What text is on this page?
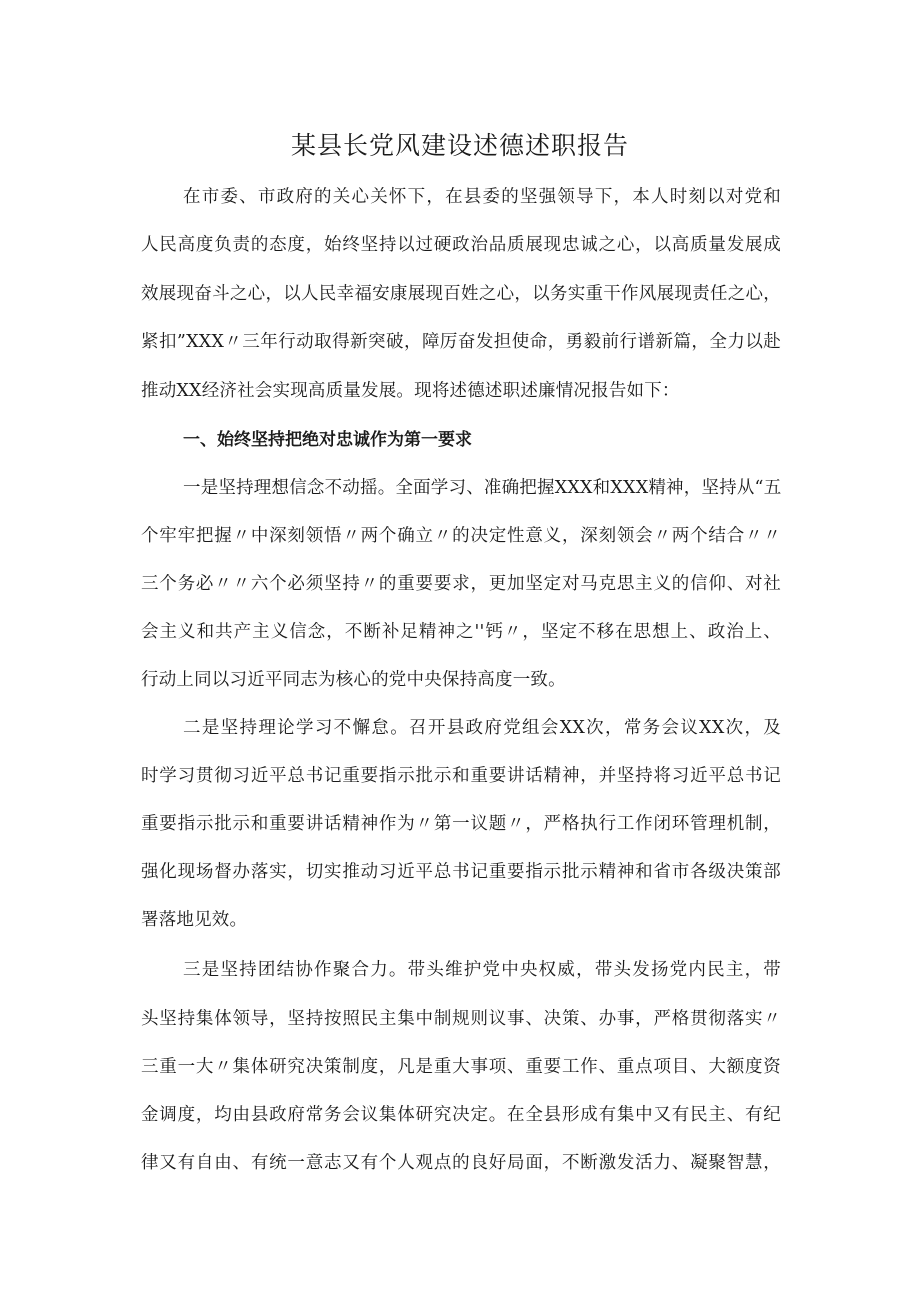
某县长党风建设述德述职报告
在市委、市政府的关心关怀下，在县委的坚强领导下，本人时刻以对党和
人民高度负责的态度，始终坚持以过硬政治品质展现忠诚之心，以高质量发展成
效展现奋斗之心，以人民幸福安康展现百姓之心，以务实重干作风展现责任之心，
紧扣”XXX〃三年行动取得新突破，障厉奋发担使命，勇毅前行谱新篇，全力以赴
推动XX经济社会实现高质量发展。现将述德述职述廉情况报告如下：
一、始终坚持把绝对忠诚作为第一要求
一是坚持理想信念不动摇。全面学习、准确把握XXX和XXX精神，坚持从“五
个牢牢把握〃中深刻领悟〃两个确立〃的决定性意义，深刻领会〃两个结合〃〃
三个务必〃〃六个必须坚持〃的重要要求，更加坚定对马克思主义的信仰、对社
会主义和共产主义信念，不断补足精神之''钙〃，坚定不移在思想上、政治上、
行动上同以习近平同志为核心的党中央保持高度一致。
二是坚持理论学习不懈怠。召开县政府党组会XX次，常务会议XX次，及
时学习贯彻习近平总书记重要指示批示和重要讲话精神，并坚持将习近平总书记
重要指示批示和重要讲话精神作为〃第一议题〃，严格执行工作闭环管理机制，
强化现场督办落实，切实推动习近平总书记重要指示批示精神和省市各级决策部
署落地见效。
三是坚持团结协作聚合力。带头维护党中央权威，带头发扬党内民主，带
头坚持集体领导，坚持按照民主集中制规则议事、决策、办事，严格贯彻落实〃
三重一大〃集体研究决策制度，凡是重大事项、重要工作、重点项目、大额度资
金调度，均由县政府常务会议集体研究决定。在全县形成有集中又有民主、有纪
律又有自由、有统一意志又有个人观点的良好局面，不断激发活力、凝聚智慧，
